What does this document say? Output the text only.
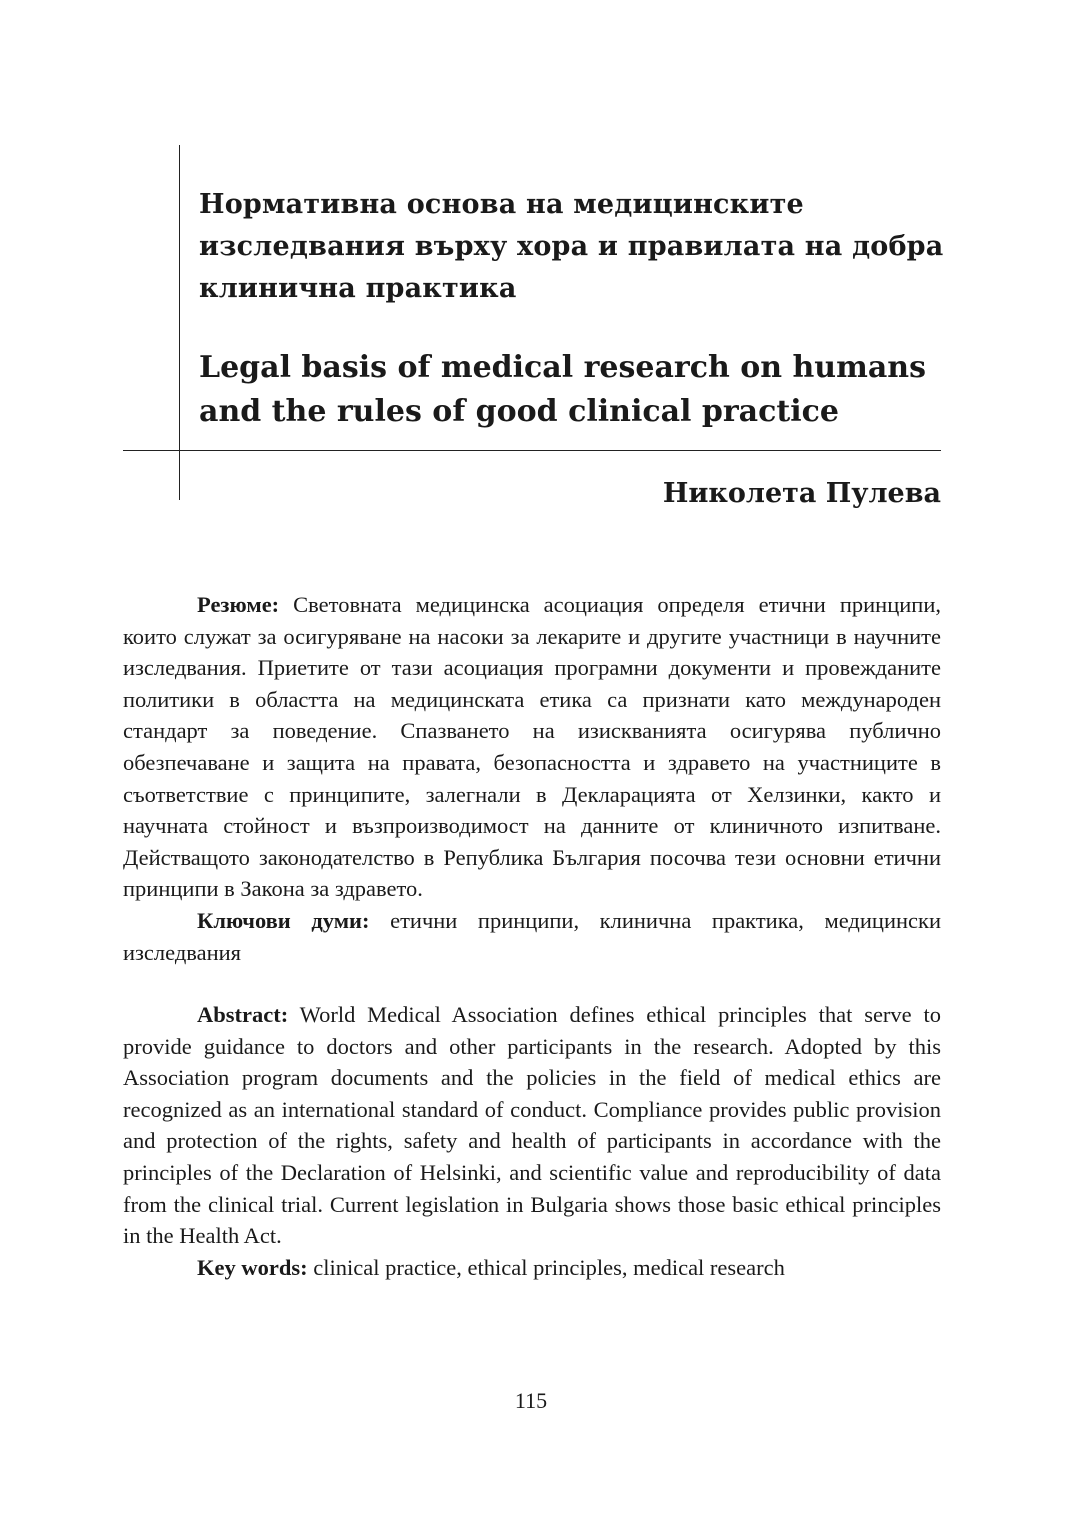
Нормативна основа на медицинските изследвания върху хора и правилата на добра клинична практика
Legal basis of medical research on humans and the rules of good clinical practice
Николета Пулева

Резюме: Световната медицинска асоциация определя етични принципи, които служат за осигуряване на насоки за лекарите и другите участници в научните изследвания. Приетите от тази асоциация програмни документи и провежданите политики в областта на медицинската етика са признати като международен стандарт за поведение. Спазването на изискванията осигурява публично обезпечаване и защита на правата, безопасността и здравето на участниците в съответствие с принципите, залегнали в Декларацията от Хелзинки, както и научната стойност и възпроизводимост на данните от клиничното изпитване. Действащото законодателство в Република България посочва тези основни етични принципи в Закона за здравето.

Ключови думи: етични принципи, клинична практика, медицински изследвания

Abstract: World Medical Association defines ethical principles that serve to provide guidance to doctors and other participants in the research. Adopted by this Association program documents and the policies in the field of medical ethics are recognized as an international standard of conduct. Compliance provides public provision and protection of the rights, safety and health of participants in accordance with the principles of the Declaration of Helsinki, and scientific value and reproducibility of data from the clinical trial. Current legislation in Bulgaria shows those basic ethical principles in the Health Act.

Key words: clinical practice, ethical principles, medical research

115
